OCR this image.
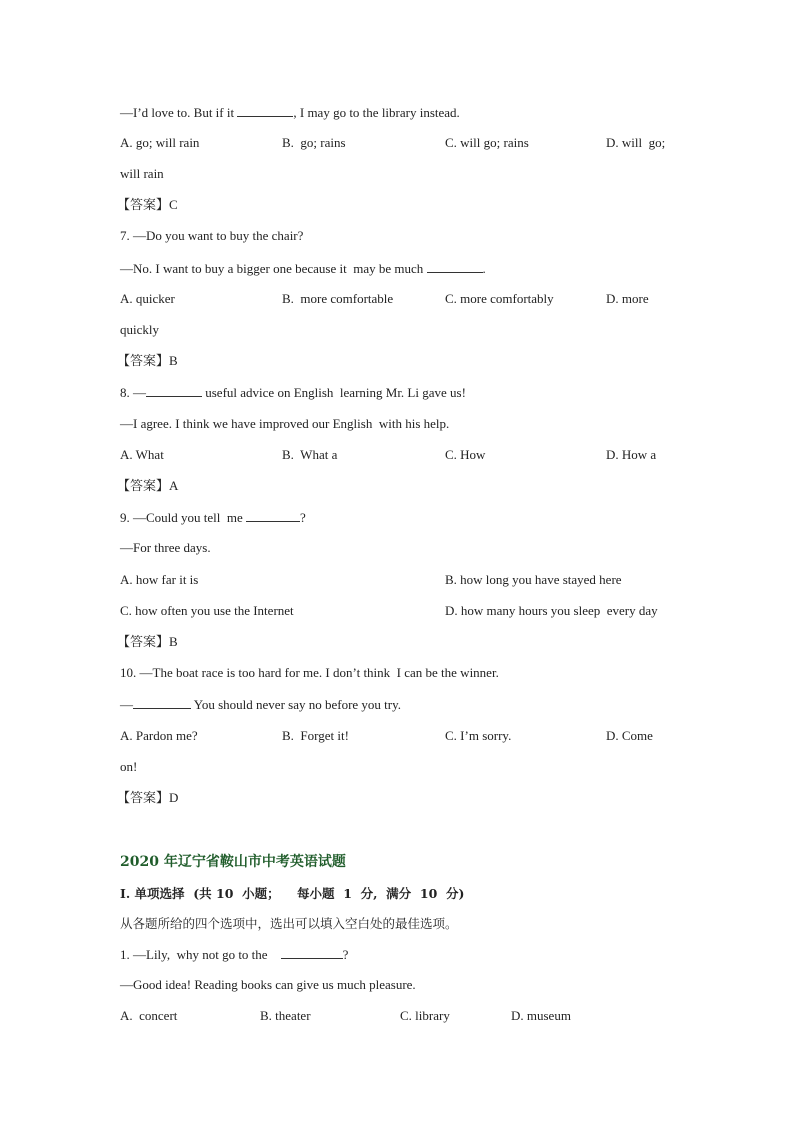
—I’d love to. But if it	, I may go to the library instead.
A. go; will rain	B.  go; rains	C. will go; rains	D. will  go;
will rain
【答案】C
7. —Do you want to buy the chair?
—No. I want to buy a bigger one because it  may be much	.
A. quicker	B.  more comfortable	C. more comfortably	D. more
quickly
【答案】B
8. —	useful advice on English  learning Mr. Li gave us!
—I agree. I think we have improved our English  with his help.
A. What	B.  What a	C. How	D. How a
【答案】A
9. —Could you tell  me	?
—For three days.
A. how far it is	B. how long you have stayed here
C. how often you use the Internet	D. how many hours you sleep  every day
【答案】B
10. —The boat race is too hard for me. I don’t think  I can be the winner.
—	You should never say no before you try.
A. Pardon me?	B.  Forget it!	C. I’m sorry.	D. Come
on!
【答案】D
2020 年辽宁省鞍山市中考英语试题
I. 单项选择  (共 10  小题；    每小题  1  分,  满分  10  分)
从各题所给的四个选项中，选出可以填入空白处的最佳选项。
1. —Lily,  why not go to the	?
—Good idea! Reading books can give us much pleasure.
A.  concert	B. theater	C. library	D. museum
